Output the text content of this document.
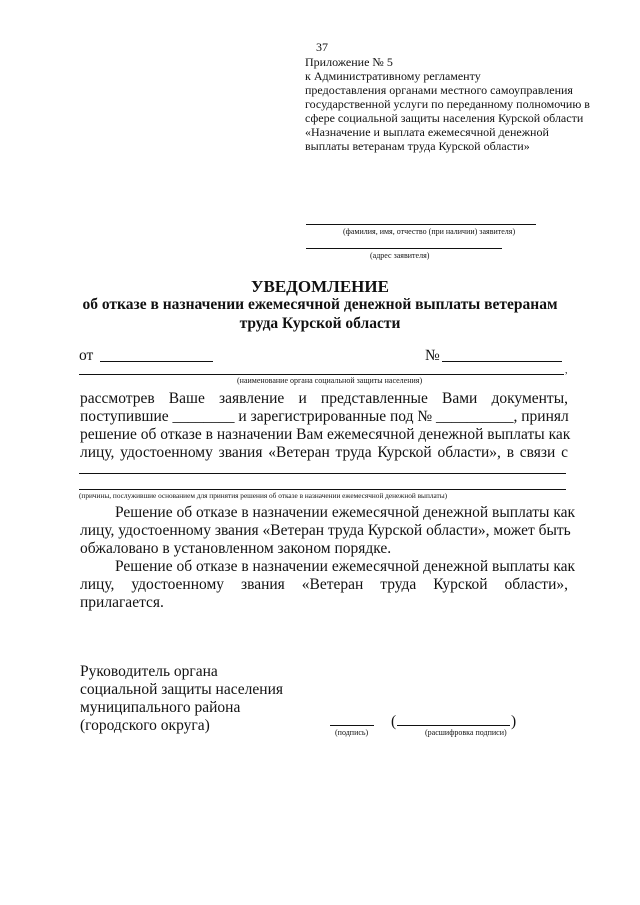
37
Приложение № 5
к Административному регламенту
предоставления органами местного самоуправления
государственной услуги по переданному полномочию в
сфере социальной защиты населения Курской области
«Назначение и выплата ежемесячной денежной
выплаты ветеранам труда Курской области»
(фамилия, имя, отчество (при наличии) заявителя)
(адрес заявителя)
УВЕДОМЛЕНИЕ
об отказе в назначении ежемесячной денежной выплаты ветеранам
труда Курской области
от	№
,
(наименование органа социальной защиты населения)
рассмотрев Ваше заявление и представленные Вами документы,
поступившие ________ и зарегистрированные под № __________, принял
решение об отказе в назначении Вам ежемесячной денежной выплаты как
лицу, удостоенному звания «Ветеран труда Курской области», в связи с
(причины, послужившие основанием для принятия решения об отказе в назначении ежемесячной денежной выплаты)
Решение об отказе в назначении ежемесячной денежной выплаты как
лицу, удостоенному звания «Ветеран труда Курской области», может быть
обжаловано в установленном законом порядке.
Решение об отказе в назначении ежемесячной денежной выплаты как
лицу, удостоенному звания «Ветеран труда Курской области»,
прилагается.
Руководитель органа
социальной защиты населения
муниципального района
(городского округа)	(подпись)
(	)
(расшифровка подписи)
